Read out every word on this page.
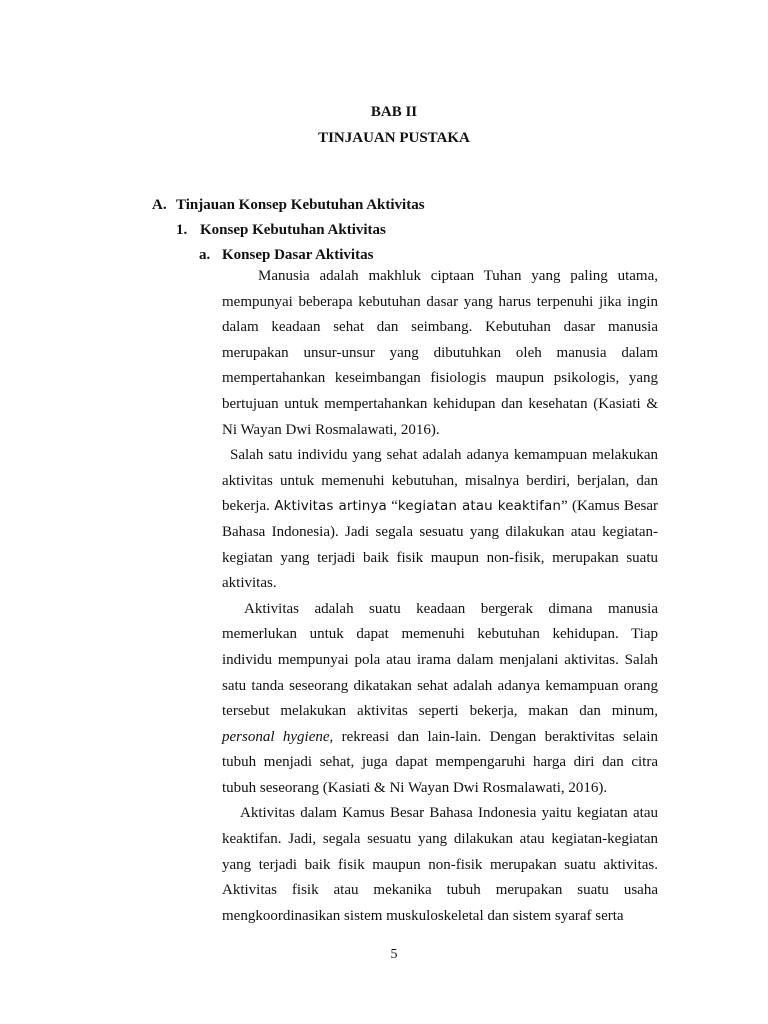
BAB II
TINJAUAN PUSTAKA
A. Tinjauan Konsep Kebutuhan Aktivitas
1. Konsep Kebutuhan Aktivitas
a. Konsep Dasar Aktivitas

Manusia adalah makhluk ciptaan Tuhan yang paling utama, mempunyai beberapa kebutuhan dasar yang harus terpenuhi jika ingin dalam keadaan sehat dan seimbang. Kebutuhan dasar manusia merupakan unsur-unsur yang dibutuhkan oleh manusia dalam mempertahankan keseimbangan fisiologis maupun psikologis, yang bertujuan untuk mempertahankan kehidupan dan kesehatan (Kasiati & Ni Wayan Dwi Rosmalawati, 2016).

Salah satu individu yang sehat adalah adanya kemampuan melakukan aktivitas untuk memenuhi kebutuhan, misalnya berdiri, berjalan, dan bekerja. Aktivitas artinya “kegiatan atau keaktifan” (Kamus Besar Bahasa Indonesia). Jadi segala sesuatu yang dilakukan atau kegiatan-kegiatan yang terjadi baik fisik maupun non-fisik, merupakan suatu aktivitas.

Aktivitas adalah suatu keadaan bergerak dimana manusia memerlukan untuk dapat memenuhi kebutuhan kehidupan. Tiap individu mempunyai pola atau irama dalam menjalani aktivitas. Salah satu tanda seseorang dikatakan sehat adalah adanya kemampuan orang tersebut melakukan aktivitas seperti bekerja, makan dan minum, personal hygiene, rekreasi dan lain-lain. Dengan beraktivitas selain tubuh menjadi sehat, juga dapat mempengaruhi harga diri dan citra tubuh seseorang (Kasiati & Ni Wayan Dwi Rosmalawati, 2016).

Aktivitas dalam Kamus Besar Bahasa Indonesia yaitu kegiatan atau keaktifan. Jadi, segala sesuatu yang dilakukan atau kegiatan-kegiatan yang terjadi baik fisik maupun non-fisik merupakan suatu aktivitas. Aktivitas fisik atau mekanika tubuh merupakan suatu usaha mengkoordinasikan sistem muskuloskeletal dan sistem syaraf serta

5
